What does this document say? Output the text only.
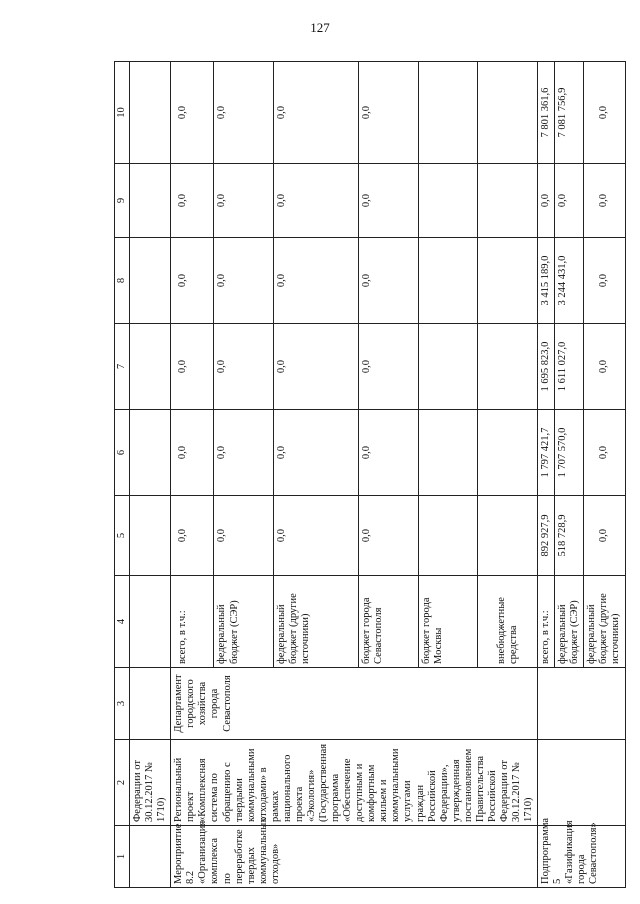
127
1	2	3	4	5	6	7	8	9	10
	Федерации от 30.12.2017 № 1710)								
Мероприятие 8.2 «Организация комплекса по переработке твердых коммунальных отходов»	Региональный проект «Комплексная система по обращению с твердыми коммунальными отходами» в рамках национального проекта «Экология» (Государственная программа «Обеспечение доступным и комфортным жильем и коммунальными услугами граждан Российской Федерации», утвержденная постановлением Правительства Российской Федерации от 30.12.2017 № 1710)	Департамент городского хозяйства города Севастополя	всего, в т.ч.:	0,0	0,0	0,0	0,0	0,0	0,0
			федеральный бюджет (СЭР)	0,0	0,0	0,0	0,0	0,0	0,0
			федеральный бюджет (другие источники)	0,0	0,0	0,0	0,0	0,0	0,0
			бюджет города Севастополя	0,0	0,0	0,0	0,0	0,0	0,0
			бюджет города Москвы						
			внебюджетные средства						
Подпрограмма 5 «Газификация города Севастополя»			всего, в т.ч.:	892 927,9	1 797 421,7	1 695 823,0	3 415 189,0	0,0	7 801 361,6
			федеральный бюджет (СЭР)	518 728,9	1 707 570,0	1 611 027,0	3 244 431,0	0,0	7 081 756,9
			федеральный бюджет (другие источники)	0,0	0,0	0,0	0,0	0,0	0,0
